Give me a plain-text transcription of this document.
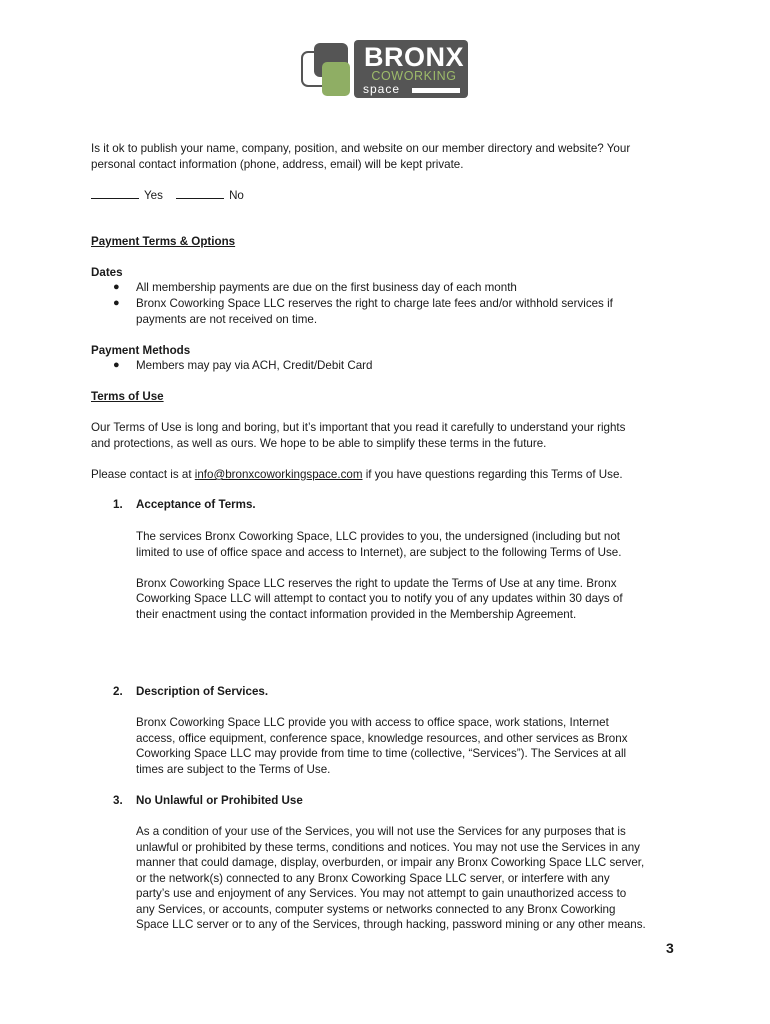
BRONX
COWORKING
space

Is it ok to publish your name, company, position, and website on our member directory and website? Your

personal contact information (phone, address, email) will be kept private.

Yes	No

Payment Terms & Options

Dates

● All membership payments are due on the first business day of each month

● Bronx Coworking Space LLC reserves the right to charge late fees and/or withhold services if

payments are not received on time.

Payment Methods

● Members may pay via ACH, Credit/Debit Card

Terms of Use

Our Terms of Use is long and boring, but it’s important that you read it carefully to understand your rights

and protections, as well as ours. We hope to be able to simplify these terms in the future.

Please contact is at info@bronxcoworkingspace.com if you have questions regarding this Terms of Use.

1. Acceptance of Terms.

The services Bronx Coworking Space, LLC provides to you, the undersigned (including but not

limited to use of office space and access to Internet), are subject to the following Terms of Use.

Bronx Coworking Space LLC reserves the right to update the Terms of Use at any time. Bronx

Coworking Space LLC will attempt to contact you to notify you of any updates within 30 days of

their enactment using the contact information provided in the Membership Agreement.

2. Description of Services.

Bronx Coworking Space LLC provide you with access to office space, work stations, Internet

access, office equipment, conference space, knowledge resources, and other services as Bronx

Coworking Space LLC may provide from time to time (collective, “Services”). The Services at all

times are subject to the Terms of Use.

3. No Unlawful or Prohibited Use

As a condition of your use of the Services, you will not use the Services for any purposes that is

unlawful or prohibited by these terms, conditions and notices. You may not use the Services in any

manner that could damage, display, overburden, or impair any Bronx Coworking Space LLC server,

or the network(s) connected to any Bronx Coworking Space LLC server, or interfere with any

party’s use and enjoyment of any Services. You may not attempt to gain unauthorized access to

any Services, or accounts, computer systems or networks connected to any Bronx Coworking

Space LLC server or to any of the Services, through hacking, password mining or any other means.

3
